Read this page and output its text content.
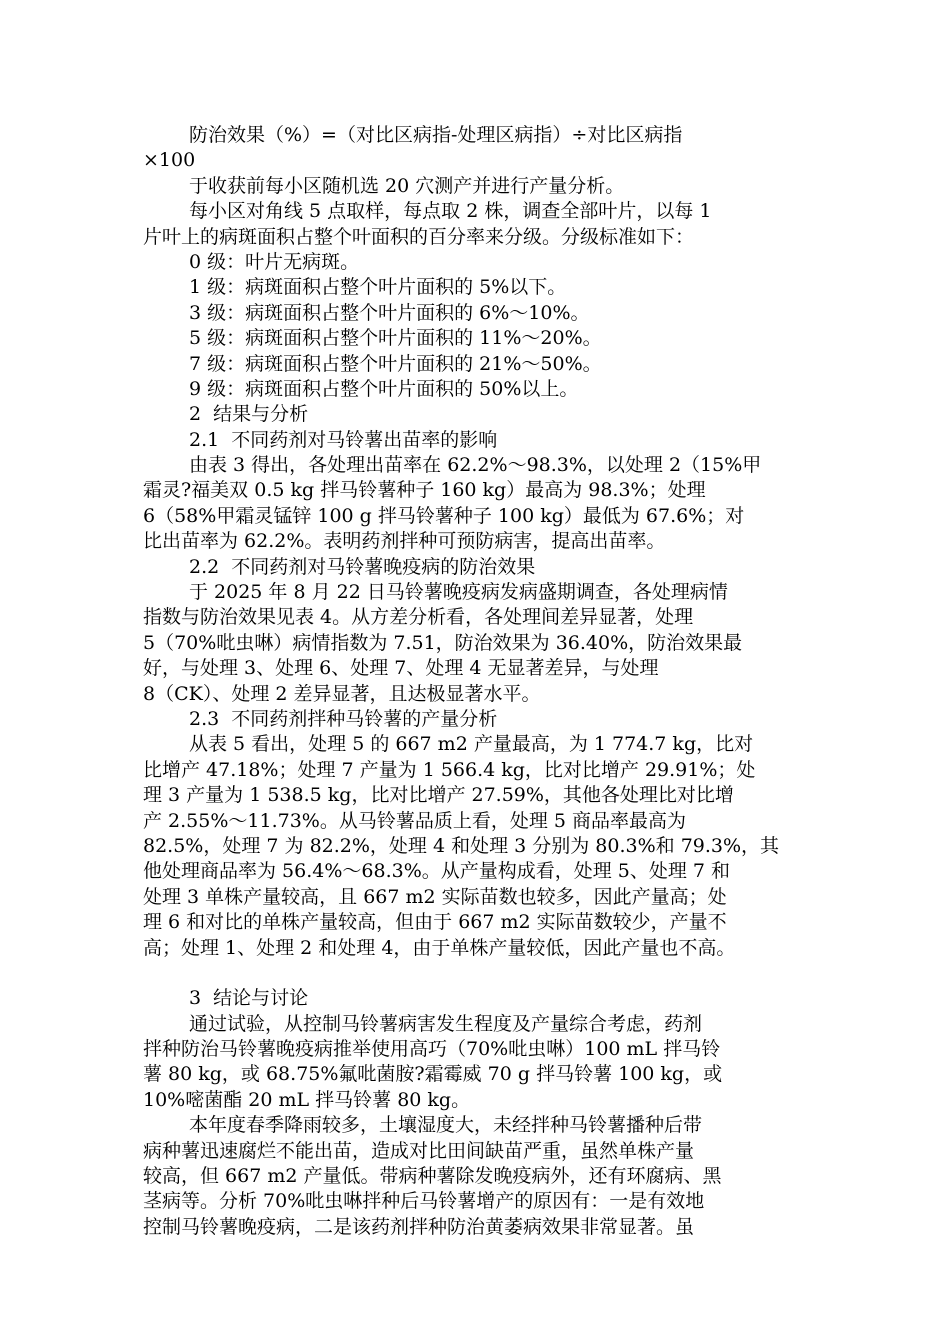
防治效果（%）=（对比区病指-处理区病指）÷对比区病指
×100
于收获前每小区随机选 20 穴测产并进行产量分析。
每小区对角线 5 点取样，每点取 2 株，调查全部叶片，以每 1
片叶上的病斑面积占整个叶面积的百分率来分级。分级标准如下：
0 级：叶片无病斑。
1 级：病斑面积占整个叶片面积的 5%以下。
3 级：病斑面积占整个叶片面积的 6%～10%。
5 级：病斑面积占整个叶片面积的 11%～20%。
7 级：病斑面积占整个叶片面积的 21%～50%。
9 级：病斑面积占整个叶片面积的 50%以上。
2  结果与分析
2.1  不同药剂对马铃薯出苗率的影响
由表 3 得出，各处理出苗率在 62.2%～98.3%，以处理 2（15%甲
霜灵?福美双 0.5 kg 拌马铃薯种子 160 kg）最高为 98.3%；处理
6（58%甲霜灵锰锌 100 g 拌马铃薯种子 100 kg）最低为 67.6%；对
比出苗率为 62.2%。表明药剂拌种可预防病害，提高出苗率。
2.2  不同药剂对马铃薯晚疫病的防治效果
于 2025 年 8 月 22 日马铃薯晚疫病发病盛期调查，各处理病情
指数与防治效果见表 4。从方差分析看，各处理间差异显著，处理
5（70%吡虫啉）病情指数为 7.51，防治效果为 36.40%，防治效果最
好，与处理 3、处理 6、处理 7、处理 4 无显著差异，与处理
8（CK）、处理 2 差异显著，且达极显著水平。
2.3  不同药剂拌种马铃薯的产量分析
从表 5 看出，处理 5 的 667 m2 产量最高，为 1 774.7 kg，比对
比增产 47.18%；处理 7 产量为 1 566.4 kg，比对比增产 29.91%；处
理 3 产量为 1 538.5 kg，比对比增产 27.59%，其他各处理比对比增
产 2.55%～11.73%。从马铃薯品质上看，处理 5 商品率最高为
82.5%，处理 7 为 82.2%，处理 4 和处理 3 分别为 80.3%和 79.3%，其
他处理商品率为 56.4%～68.3%。从产量构成看，处理 5、处理 7 和
处理 3 单株产量较高，且 667 m2 实际苗数也较多，因此产量高；处
理 6 和对比的单株产量较高，但由于 667 m2 实际苗数较少，产量不
高；处理 1、处理 2 和处理 4，由于单株产量较低，因此产量也不高。
3  结论与讨论
通过试验，从控制马铃薯病害发生程度及产量综合考虑，药剂
拌种防治马铃薯晚疫病推举使用高巧（70%吡虫啉）100 mL 拌马铃
薯 80 kg，或 68.75%氟吡菌胺?霜霉威 70 g 拌马铃薯 100 kg，或
10%嘧菌酯 20 mL 拌马铃薯 80 kg。
本年度春季降雨较多，土壤湿度大，未经拌种马铃薯播种后带
病种薯迅速腐烂不能出苗，造成对比田间缺苗严重，虽然单株产量
较高，但 667 m2 产量低。带病种薯除发晚疫病外，还有环腐病、黑
茎病等。分析 70%吡虫啉拌种后马铃薯增产的原因有：一是有效地
控制马铃薯晚疫病，二是该药剂拌种防治黄萎病效果非常显著。虽
